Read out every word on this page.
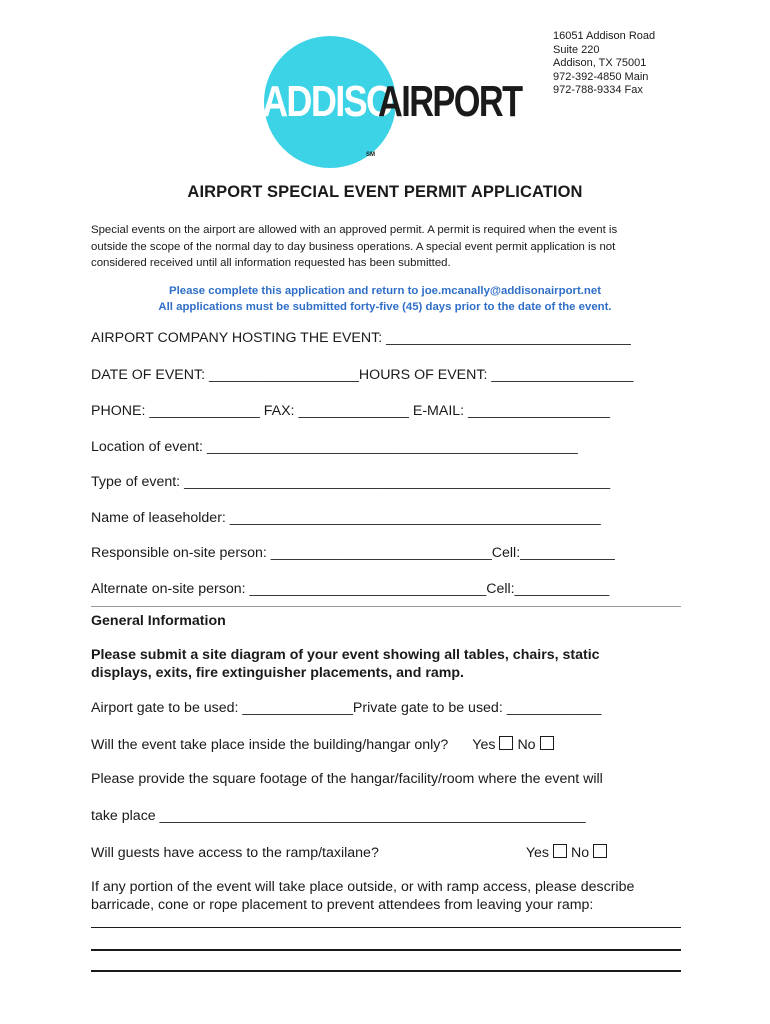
ADDISON
AIRPORT
SM
16051 Addison Road
Suite 220
Addison, TX 75001
972-392-4850 Main
972-788-9334 Fax
AIRPORT SPECIAL EVENT PERMIT APPLICATION
Special events on the airport are allowed with an approved permit. A permit is required when the event is
outside the scope of the normal day to day business operations. A special event permit application is not
considered received until all information requested has been submitted.
Please complete this application and return to joe.mcanally@addisonairport.net
All applications must be submitted forty-five (45) days prior to the date of the event.
AIRPORT COMPANY HOSTING THE EVENT: _______________________________
DATE OF EVENT: ___________________HOURS OF EVENT: __________________
PHONE: ______________ FAX: ______________ E-MAIL: __________________
Location of event: _______________________________________________
Type of event: ______________________________________________________
Name of leaseholder: _______________________________________________
Responsible on-site person: ____________________________Cell:____________
Alternate on-site person: ______________________________Cell:____________
General Information
Please submit a site diagram of your event showing all tables, chairs, static
displays, exits, fire extinguisher placements, and ramp.
Airport gate to be used: ______________Private gate to be used: ____________
Will the event take place inside the building/hangar only? Yes No
Please provide the square footage of the hangar/facility/room where the event will
take place ______________________________________________________
Will guests have access to the ramp/taxilane?	Yes No
If any portion of the event will take place outside, or with ramp access, please describe
barricade, cone or rope placement to prevent attendees from leaving your ramp:
